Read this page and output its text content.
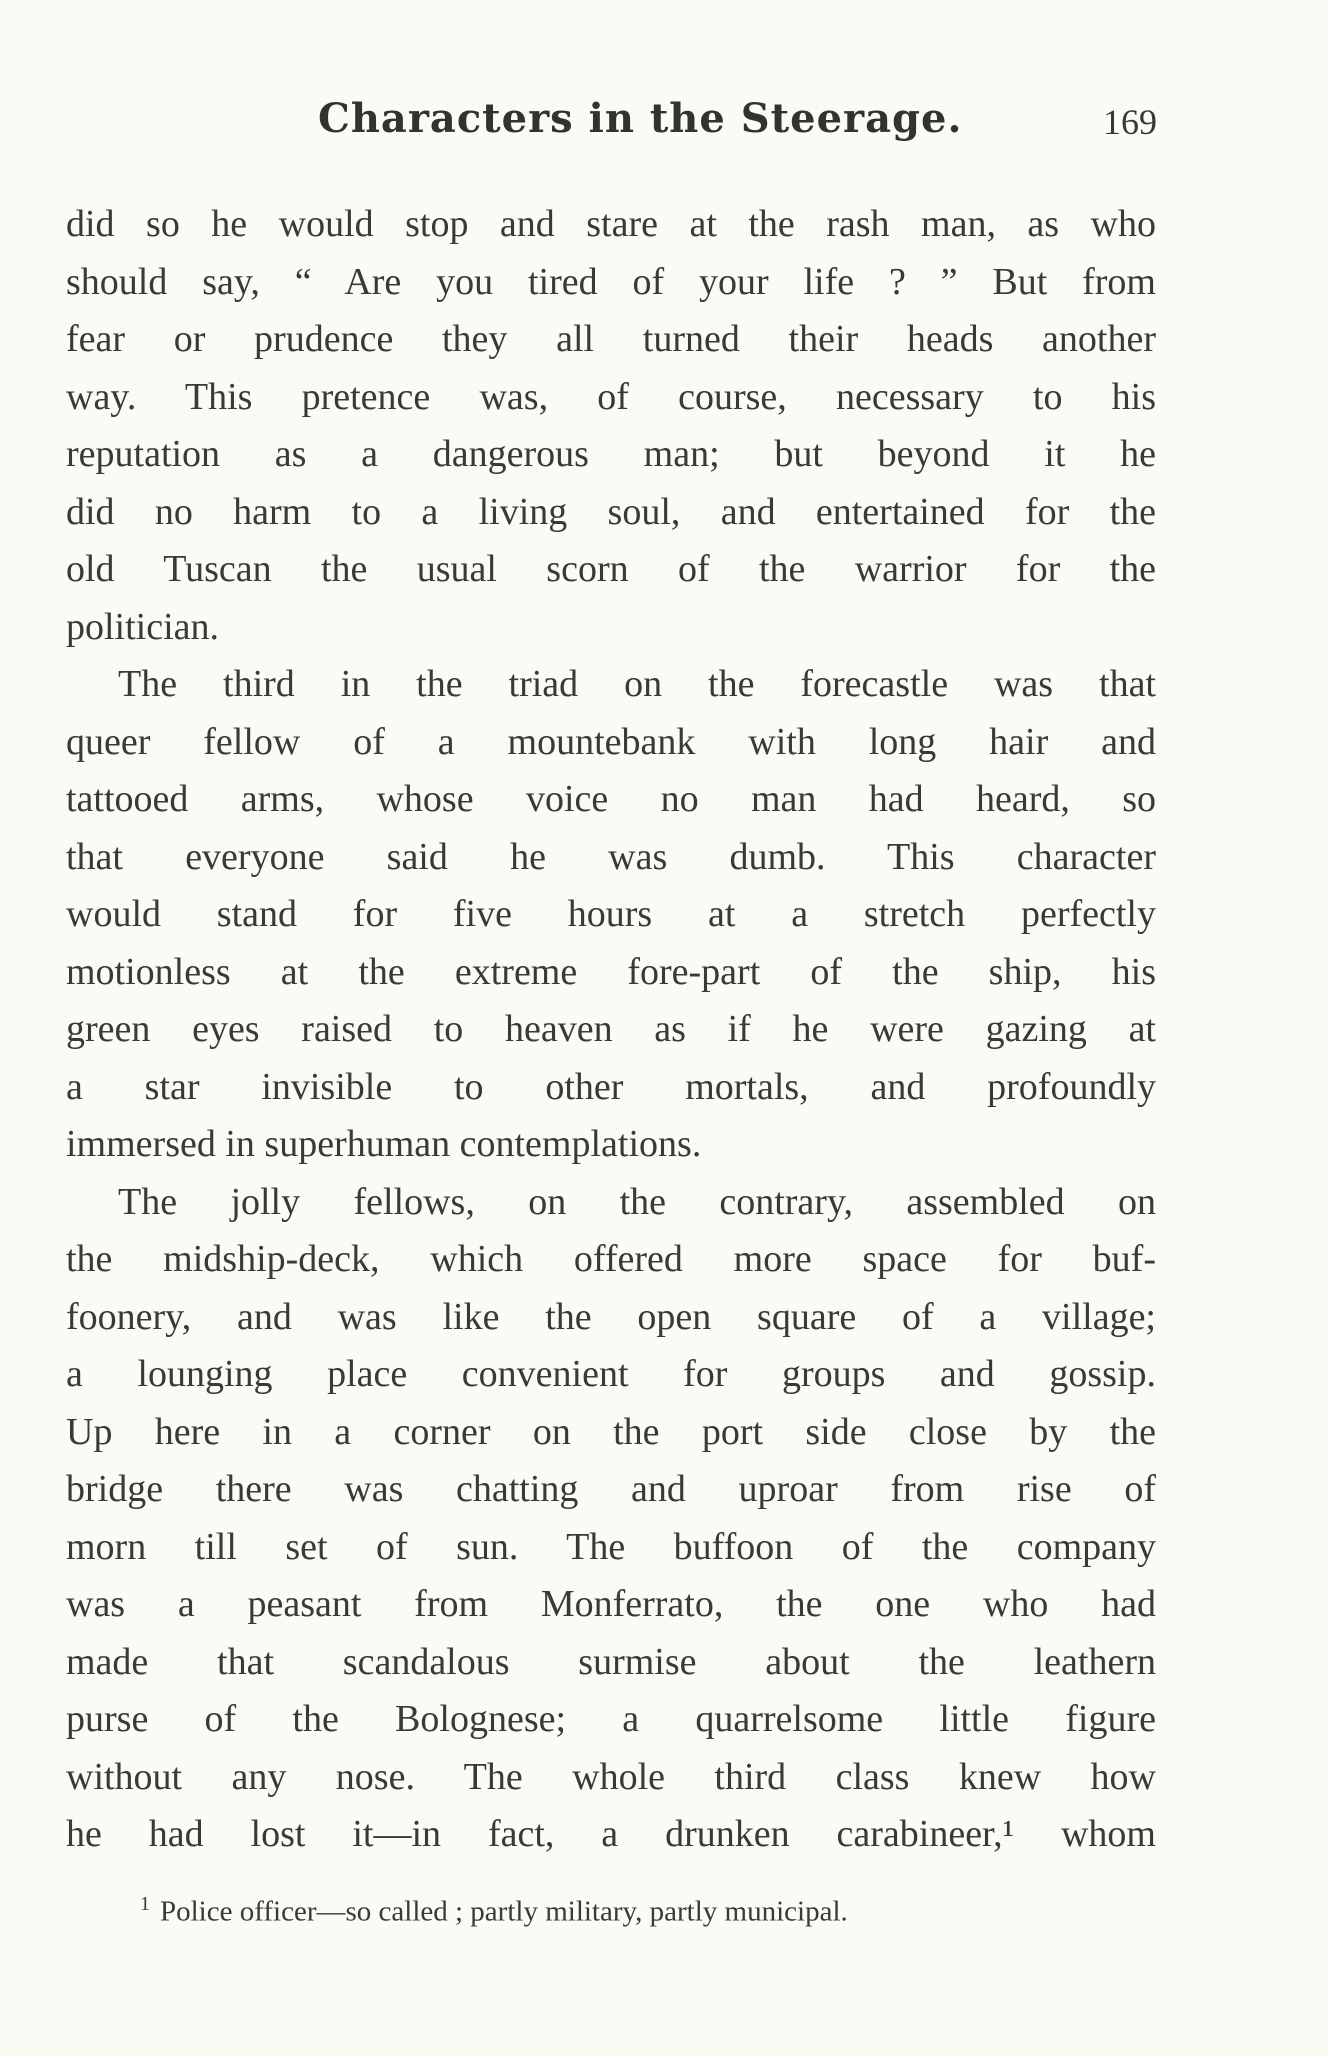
Characters in the Steerage.	169
did so he would stop and stare at the rash man, as who
should say, “ Are you tired of your life ? ” But from
fear or prudence they all turned their heads another
way. This pretence was, of course, necessary to his
reputation as a dangerous man; but beyond it he
did no harm to a living soul, and entertained for the
old Tuscan the usual scorn of the warrior for the
politician.
The third in the triad on the forecastle was that
queer fellow of a mountebank with long hair and
tattooed arms, whose voice no man had heard, so
that everyone said he was dumb. This character
would stand for five hours at a stretch perfectly
motionless at the extreme fore-part of the ship, his
green eyes raised to heaven as if he were gazing at
a star invisible to other mortals, and profoundly
immersed in superhuman contemplations.
The jolly fellows, on the contrary, assembled on
the midship-deck, which offered more space for buf-
foonery, and was like the open square of a village;
a lounging place convenient for groups and gossip.
Up here in a corner on the port side close by the
bridge there was chatting and uproar from rise of
morn till set of sun. The buffoon of the company
was a peasant from Monferrato, the one who had
made that scandalous surmise about the leathern
purse of the Bolognese; a quarrelsome little figure
without any nose. The whole third class knew how
he had lost it—in fact, a drunken carabineer,¹ whom
$^1$ Police officer—so called ; partly military, partly municipal.
